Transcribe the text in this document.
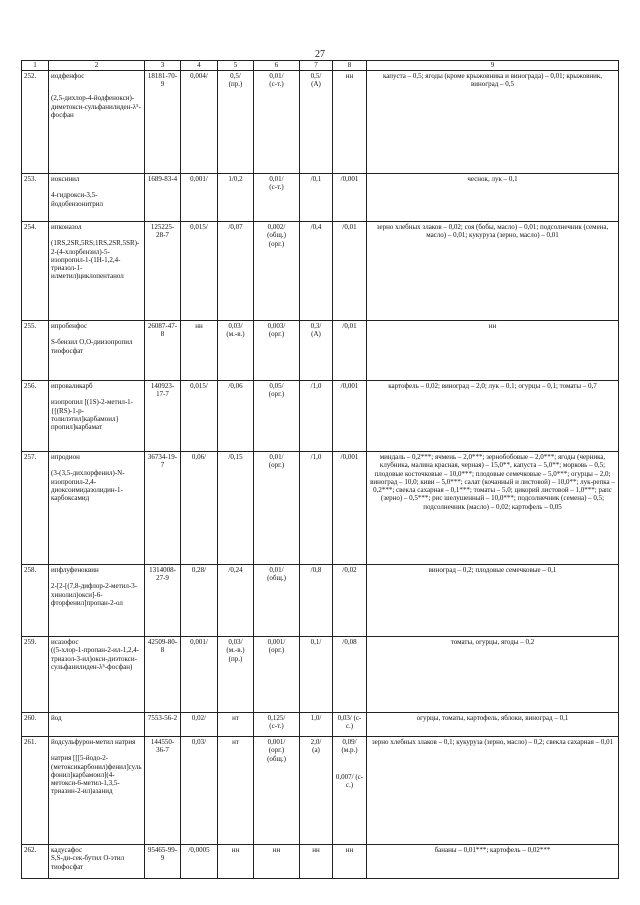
27
1	2	3	4	5	6	7	8	9
252.	иодфенфос
(2,5-дихлор-4-йодфенокси)-диметокси-сульфанилиден-λ⁵-фосфан	18181-70-9	0,004/	0,5/
(пр.)	0,01/
(с-т.)	0,5/
(А)	нн	капуста – 0,5; ягоды (кроме крыжовника и винограда) – 0,01; крыжовник, виноград – 0,5
253.	иоксинил
4-гидрокси-3,5-йодобензонитрил	1689-83-4	0,001/	1/0,2	0,01/
(с-т.)	/0,1	/0,001	чеснок, лук – 0,1
254.	ипконазол
(1RS,2SR,5RS;1RS,2SR,5SR)-2-(4-хлорбензил)-5-изопропил-1-(1H-1,2,4-триазол-1-илметил)циклопентанол	125225-28-7	0,015/	/0,07	0,002/
(общ.)
(орг.)	/0,4	/0,01	зерно хлебных злаков – 0,02; соя (бобы, масло) – 0,01; подсолнечник (семена, масло) – 0,01; кукуруза (зерно, масло) – 0,01
255.	ипробенфос
S-бензил O,O-диизопропил тиофосфат	26087-47-8	нн	0,03/
(м.-в.)	0,003/
(орг.)	0,3/
(А)	/0,01	нн
256.	ипроваликарб
изопропил [(1S)-2-метил-1-{[(RS)-1-p-толилэтил]карбамоил}пропил]карбамат	140923-17-7	0,015/	/0,06	0,05/
(орг.)	/1,0	/0,001	картофель – 0,02; виноград – 2,0; лук – 0,1; огурцы – 0,1; томаты – 0,7
257.	ипродион
(3-(3,5-дихлорфенил)-N-изопропил-2,4-диоксоимидазолидин-1-карбоксамид	36734-19-7	0,06/	/0,15	0,01/
(орг.)	/1,0	/0,001	миндаль – 0,2***; ячмень – 2,0***; зернобобовые – 2,0***; ягоды (черника, клубника, малина красная, черная) – 15,0**, капуста – 5,0**; морковь – 0,5; плодовые косточковые – 10,0***; плодовые семечковые – 5,0***; огурцы – 2,0; виноград – 10,0; киви – 5,0***; салат (кочанный и листовой) – 10,0**; лук-репка – 0,2***; свекла сахарная – 0,1***; томаты – 5,0; цикорий листовой – 1,0***; рапс (зерно) – 0,5***; рис шелушенный – 10,0***; подсолнечник (семена) – 0,5; подсолнечник (масло) – 0,02; картофель – 0,05
258.	ипфлуфеноквин
2-[2-[(7,8-дифлор-2-метил-3-хинолил)окси]-6-фторфенил]пропан-2-ол	1314008-27-9	0,28/	/0,24	0,01/
(общ.)	/0,8	/0,02	виноград – 0,2; плодовые семечковые – 0,1
259.	исазофос
((5-хлор-1-пропан-2-ил-1,2,4-триазол-3-ил)окси-диэтокси-сульфанилиден-λ⁵-фосфан)	42509-80-8	0,001/	0,03/
(м.-в.)
(пр.)	0,001/
(орг.)	0,1/	/0,08	томаты, огурцы, ягоды – 0,2
260.	йод	7553-56-2	0,02/	нт	0,125/
(с-т.)	1,0/	0,03/ (с-с.)	огурцы, томаты, картофель, яблоки, виноград – 0,1
261.	йодсульфурон-метил натрия
натрия [[[5-йодо-2-(метоксикарбонил)фенил]сульфонил]карбамоил](4-метокси-6-метил-1,3,5-триазин-2-ил)азанид	144550-36-7	0,03/	нт	0,001/
(орг.)
(общ.)	2,0/
(а)	0,09/ (м.р.)
0,007/ (с-с.)	зерно хлебных злаков – 0,1; кукуруза (зерно, масло) – 0,2; свекла сахарная – 0,01
262.	кадусафос
S,S-ди-сек-бутил О-этил тиофосфат	95465-99-9	/0,0005	нн	нн	нн	нн	бананы – 0,01***; картофель – 0,02***
